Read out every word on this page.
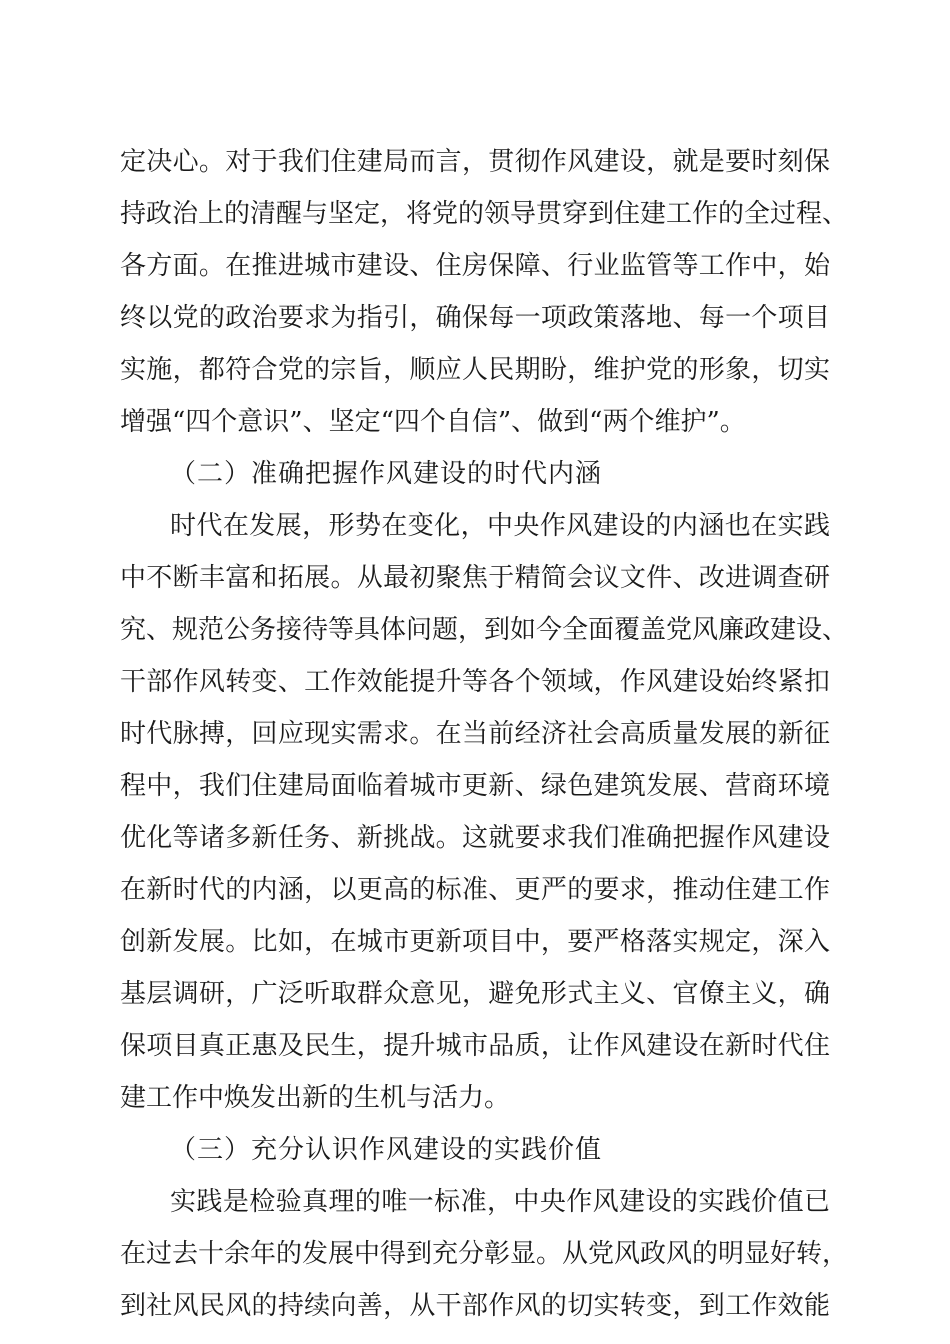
定决心。对于我们住建局而言，贯彻作风建设，就是要时刻保
持政治上的清醒与坚定，将党的领导贯穿到住建工作的全过程、
各方面。在推进城市建设、住房保障、行业监管等工作中，始
终以党的政治要求为指引，确保每一项政策落地、每一个项目
实施，都符合党的宗旨，顺应人民期盼，维护党的形象，切实
增强“四个意识”、坚定“四个自信”、做到“两个维护”。
（二）准确把握作风建设的时代内涵
时代在发展，形势在变化，中央作风建设的内涵也在实践
中不断丰富和拓展。从最初聚焦于精简会议文件、改进调查研
究、规范公务接待等具体问题，到如今全面覆盖党风廉政建设、
干部作风转变、工作效能提升等各个领域，作风建设始终紧扣
时代脉搏，回应现实需求。在当前经济社会高质量发展的新征
程中，我们住建局面临着城市更新、绿色建筑发展、营商环境
优化等诸多新任务、新挑战。这就要求我们准确把握作风建设
在新时代的内涵，以更高的标准、更严的要求，推动住建工作
创新发展。比如，在城市更新项目中，要严格落实规定，深入
基层调研，广泛听取群众意见，避免形式主义、官僚主义，确
保项目真正惠及民生，提升城市品质，让作风建设在新时代住
建工作中焕发出新的生机与活力。
（三）充分认识作风建设的实践价值
实践是检验真理的唯一标准，中央作风建设的实践价值已
在过去十余年的发展中得到充分彰显。从党风政风的明显好转，
到社风民风的持续向善，从干部作风的切实转变，到工作效能
